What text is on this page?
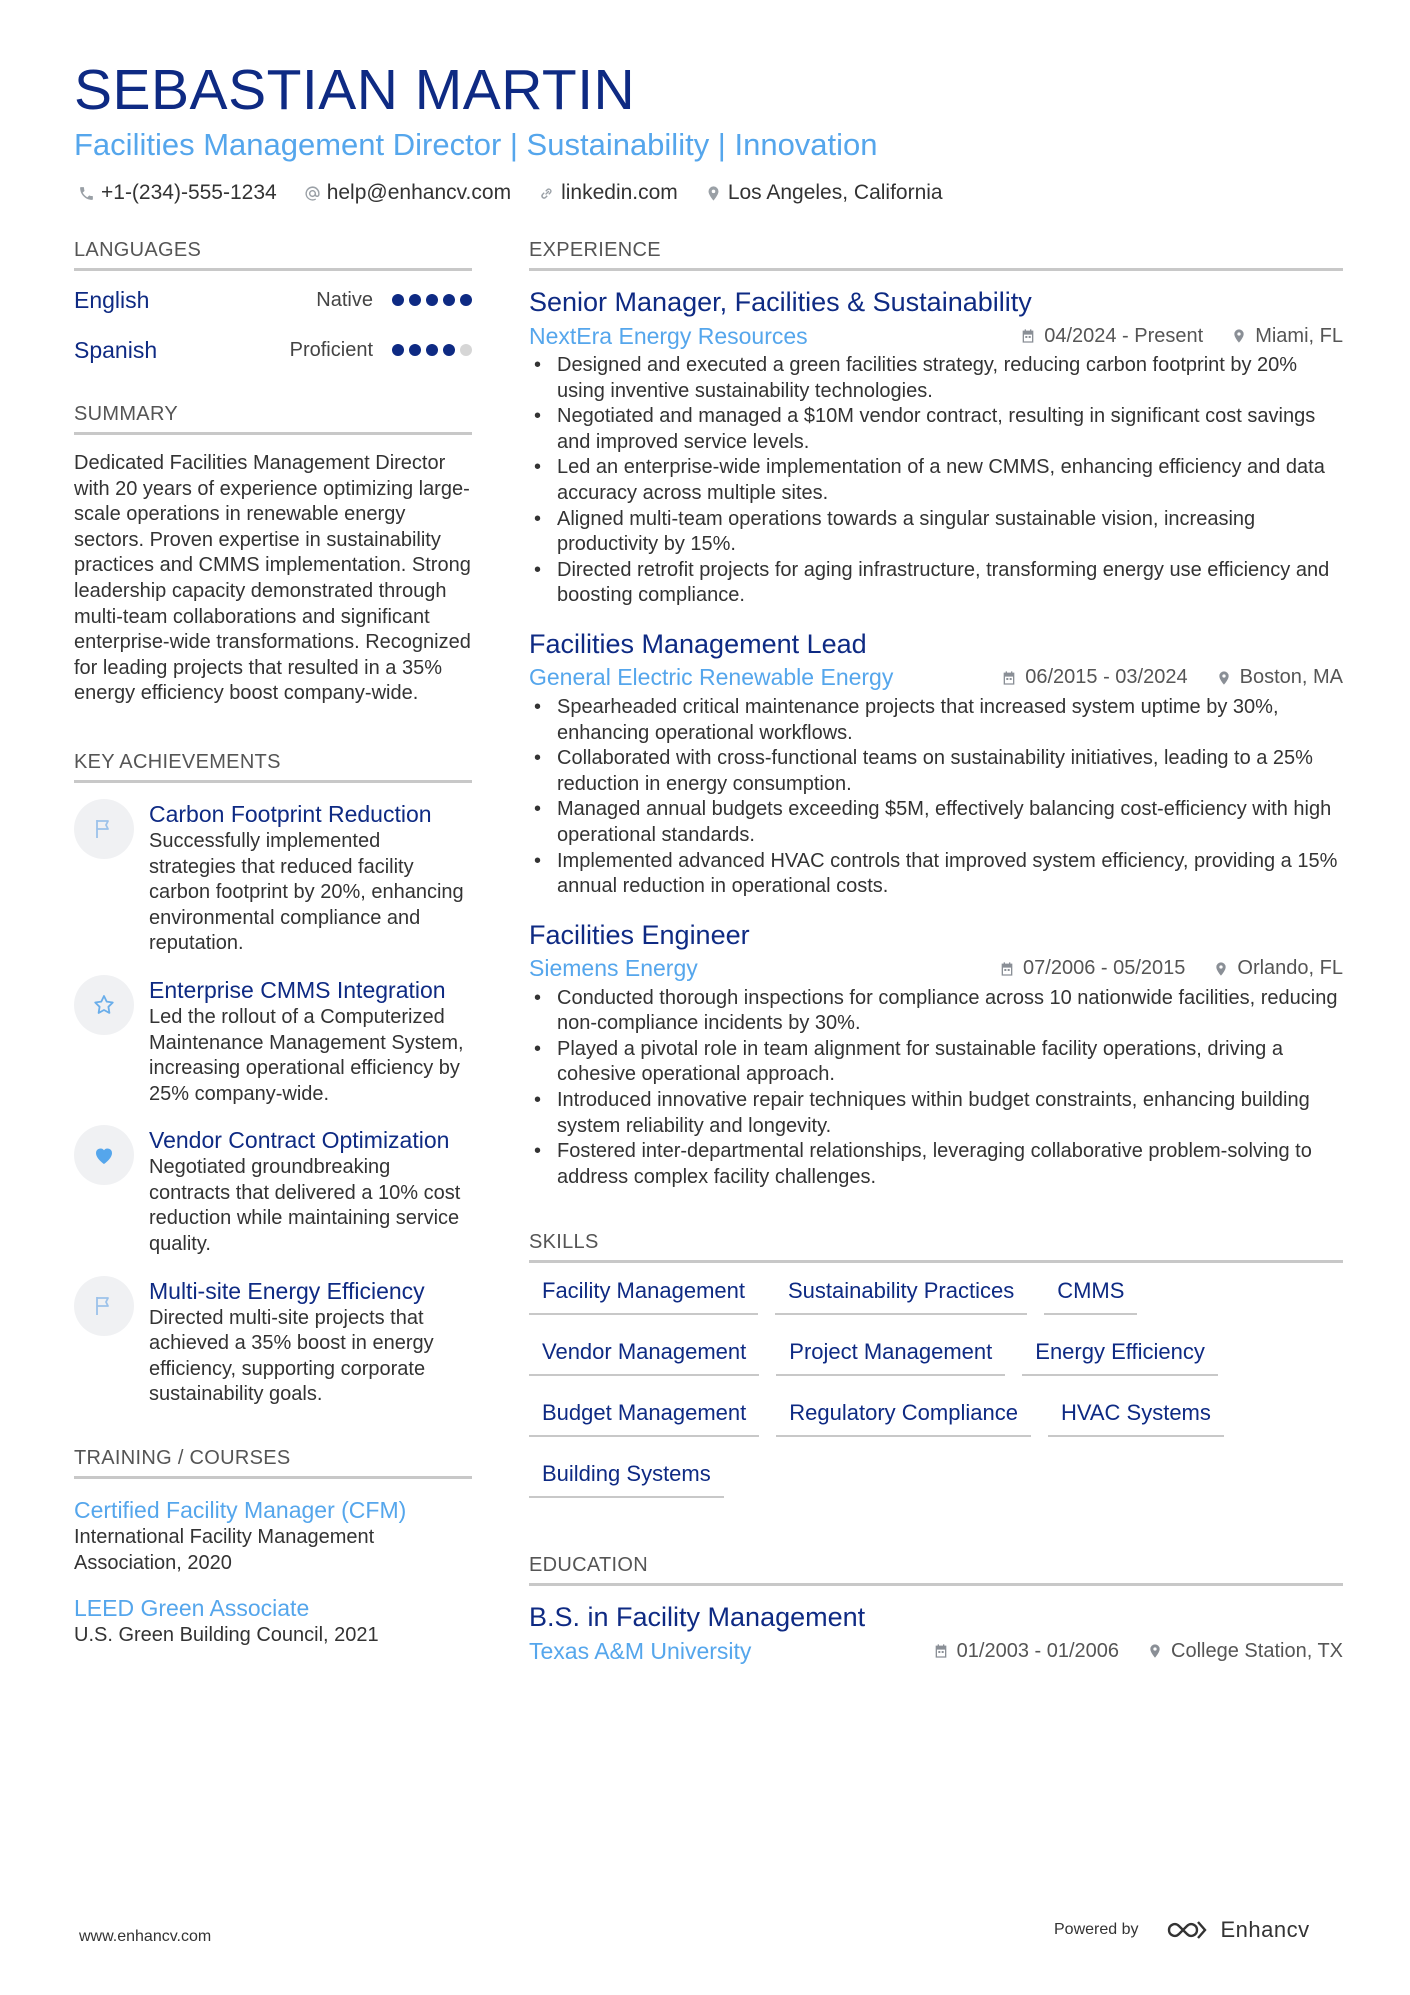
SEBASTIAN MARTIN
Facilities Management Director | Sustainability | Innovation
+1-(234)-555-1234 help@enhancv.com linkedin.com Los Angeles, California
LANGUAGES
English	Native
Spanish	Proficient
SUMMARY

Dedicated Facilities Management Director with 20 years of experience optimizing large-scale operations in renewable energy sectors. Proven expertise in sustainability practices and CMMS implementation. Strong leadership capacity demonstrated through multi-team collaborations and significant enterprise-wide transformations. Recognized for leading projects that resulted in a 35% energy efficiency boost company-wide.

KEY ACHIEVEMENTS
Carbon Footprint Reduction
Successfully implemented strategies that reduced facility carbon footprint by 20%, enhancing environmental compliance and reputation.
Enterprise CMMS Integration
Led the rollout of a Computerized Maintenance Management System, increasing operational efficiency by 25% company-wide.
Vendor Contract Optimization
Negotiated groundbreaking contracts that delivered a 10% cost reduction while maintaining service quality.
Multi-site Energy Efficiency
Directed multi-site projects that achieved a 35% boost in energy efficiency, supporting corporate sustainability goals.
TRAINING / COURSES
Certified Facility Manager (CFM)
International Facility Management Association, 2020
LEED Green Associate
U.S. Green Building Council, 2021
EXPERIENCE
Senior Manager, Facilities & Sustainability
NextEra Energy Resources	04/2024 - Present	Miami, FL
• Designed and executed a green facilities strategy, reducing carbon footprint by 20% using inventive sustainability technologies.
• Negotiated and managed a $10M vendor contract, resulting in significant cost savings and improved service levels.
• Led an enterprise-wide implementation of a new CMMS, enhancing efficiency and data accuracy across multiple sites.
• Aligned multi-team operations towards a singular sustainable vision, increasing productivity by 15%.
• Directed retrofit projects for aging infrastructure, transforming energy use efficiency and boosting compliance.
Facilities Management Lead
General Electric Renewable Energy	06/2015 - 03/2024	Boston, MA
• Spearheaded critical maintenance projects that increased system uptime by 30%, enhancing operational workflows.
• Collaborated with cross-functional teams on sustainability initiatives, leading to a 25% reduction in energy consumption.
• Managed annual budgets exceeding $5M, effectively balancing cost-efficiency with high operational standards.
• Implemented advanced HVAC controls that improved system efficiency, providing a 15% annual reduction in operational costs.
Facilities Engineer
Siemens Energy	07/2006 - 05/2015	Orlando, FL
• Conducted thorough inspections for compliance across 10 nationwide facilities, reducing non-compliance incidents by 30%.
• Played a pivotal role in team alignment for sustainable facility operations, driving a cohesive operational approach.
• Introduced innovative repair techniques within budget constraints, enhancing building system reliability and longevity.
• Fostered inter-departmental relationships, leveraging collaborative problem-solving to address complex facility challenges.
SKILLS
Facility Management	Sustainability Practices	CMMS
Vendor Management	Project Management	Energy Efficiency
Budget Management	Regulatory Compliance	HVAC Systems
Building Systems
EDUCATION
B.S. in Facility Management
Texas A&M University	01/2003 - 01/2006	College Station, TX
www.enhancv.com	Powered by	Enhancv
